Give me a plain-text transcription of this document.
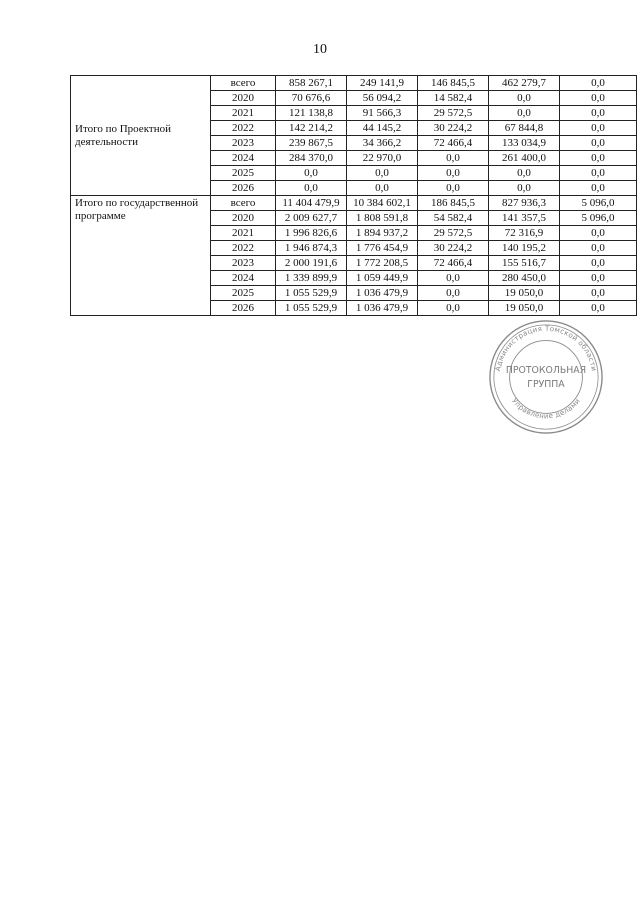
10
Итого по Проектной деятельности	всего	858 267,1	249 141,9	146 845,5	462 279,7	0,0
	2020	70 676,6	56 094,2	14 582,4	0,0	0,0
	2021	121 138,8	91 566,3	29 572,5	0,0	0,0
	2022	142 214,2	44 145,2	30 224,2	67 844,8	0,0
	2023	239 867,5	34 366,2	72 466,4	133 034,9	0,0
	2024	284 370,0	22 970,0	0,0	261 400,0	0,0
	2025	0,0	0,0	0,0	0,0	0,0
	2026	0,0	0,0	0,0	0,0	0,0
Итого по государственной программе	всего	11 404 479,9	10 384 602,1	186 845,5	827 936,3	5 096,0
	2020	2 009 627,7	1 808 591,8	54 582,4	141 357,5	5 096,0
	2021	1 996 826,6	1 894 937,2	29 572,5	72 316,9	0,0
	2022	1 946 874,3	1 776 454,9	30 224,2	140 195,2	0,0
	2023	2 000 191,6	1 772 208,5	72 466,4	155 516,7	0,0
	2024	1 339 899,9	1 059 449,9	0,0	280 450,0	0,0
	2025	1 055 529,9	1 036 479,9	0,0	19 050,0	0,0
	2026	1 055 529,9	1 036 479,9	0,0	19 050,0	0,0
Администрация Томской области
Управление делами
ПРОТОКОЛЬНАЯ
ГРУППА
